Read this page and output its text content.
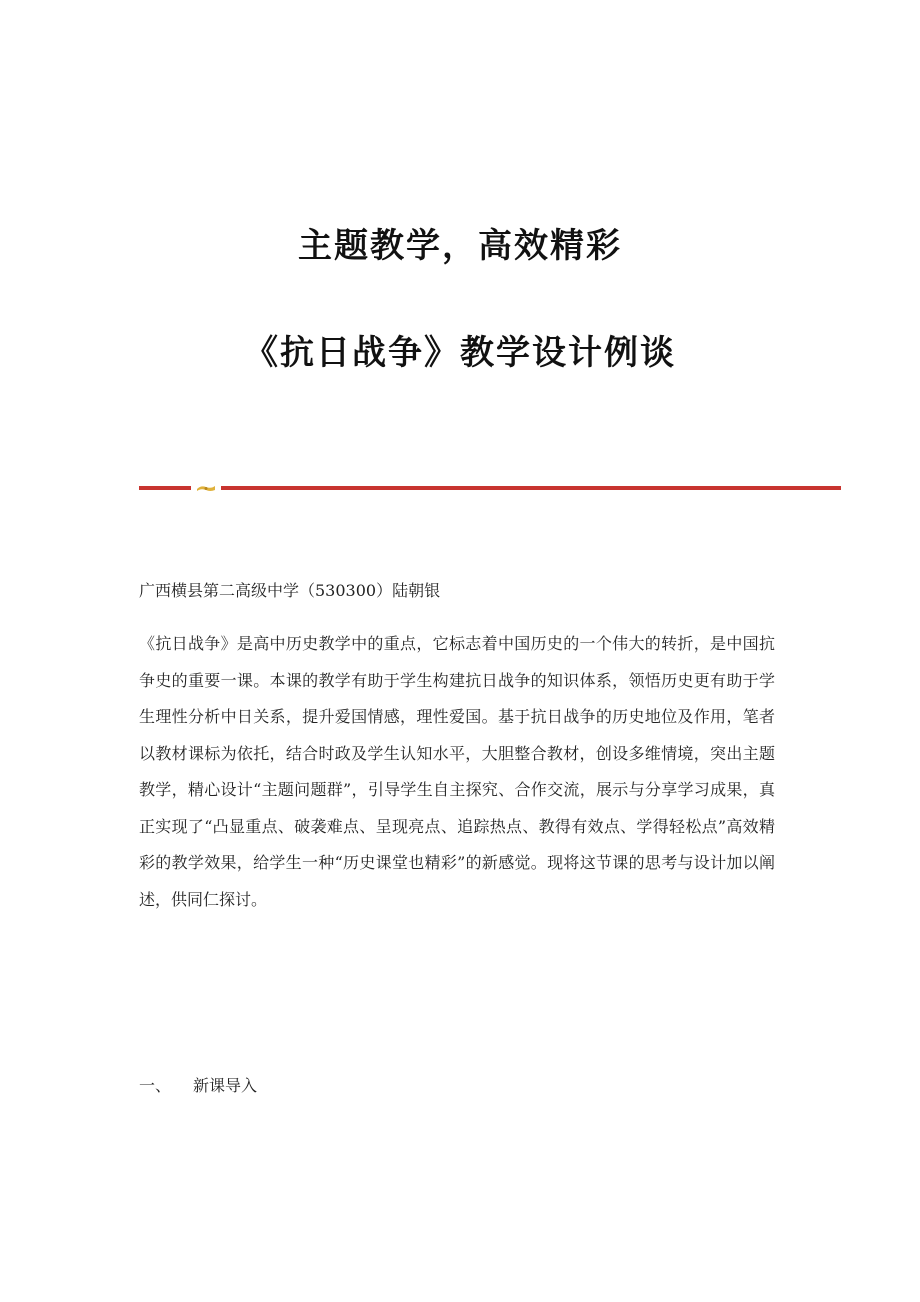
主题教学，高效精彩
《抗日战争》教学设计例谈

广西横县第二高级中学（530300）陆朝银

《抗日战争》是高中历史教学中的重点，它标志着中国历史的一个伟大的转折，是中国抗争史的重要一课。本课的教学有助于学生构建抗日战争的知识体系，领悟历史更有助于学生理性分析中日关系，提升爱国情感，理性爱国。基于抗日战争的历史地位及作用，笔者以教材课标为依托，结合时政及学生认知水平，大胆整合教材，创设多维情境，突出主题教学，精心设计“主题问题群”，引导学生自主探究、合作交流，展示与分享学习成果，真正实现了“凸显重点、破袭难点、呈现亮点、追踪热点、教得有效点、学得轻松点”高效精彩的教学效果，给学生一种“历史课堂也精彩”的新感觉。现将这节课的思考与设计加以阐述，供同仁探讨。

一、 新课导入
